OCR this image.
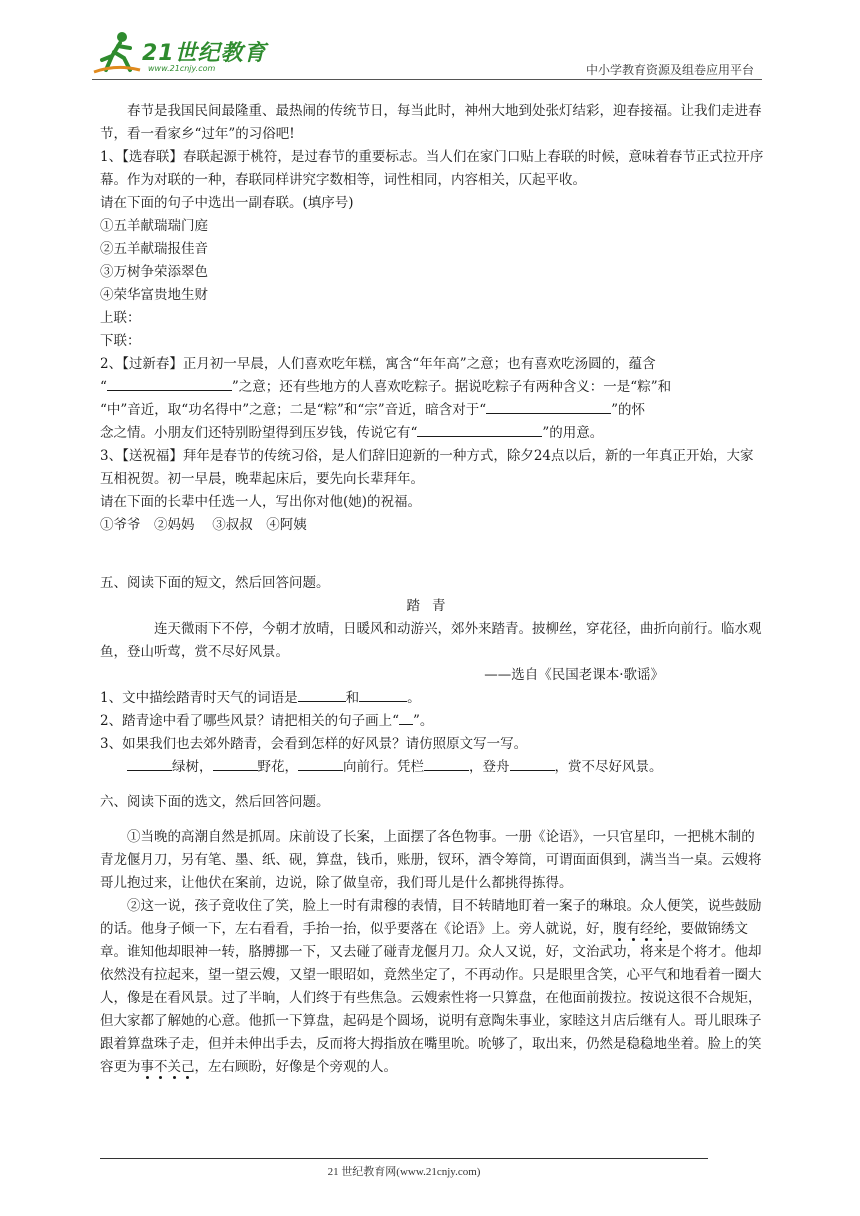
21世纪教育
www.21cnjy.com	中小学教育资源及组卷应用平台

春节是我国民间最隆重、最热闹的传统节日，每当此时，神州大地到处张灯结彩，迎春接福。让我们走进春节，看一看家乡“过年”的习俗吧!

1、【选春联】春联起源于桃符，是过春节的重要标志。当人们在家门口贴上春联的时候，意味着春节正式拉开序幕。作为对联的一种，春联同样讲究字数相等，词性相同，内容相关，仄起平收。

请在下面的句子中选出一副春联。(填序号)

①五羊献瑞瑞门庭

②五羊献瑞报佳音

③万树争荣添翠色

④荣华富贵地生财

上联：

下联：

2、【过新春】正月初一早晨，人们喜欢吃年糕，寓含“年年高”之意；也有喜欢吃汤圆的，蕴含

“	”之意；还有些地方的人喜欢吃粽子。据说吃粽子有两种含义：一是“粽”和

“中”音近，取“功名得中”之意；二是“粽”和“宗”音近，暗含对于“	”的怀

念之情。小朋友们还特别盼望得到压岁钱，传说它有“	”的用意。

3、【送祝福】拜年是春节的传统习俗，是人们辞旧迎新的一种方式，除夕24点以后，新的一年真正开始，大家互相祝贺。初一早晨，晚辈起床后，要先向长辈拜年。

请在下面的长辈中任选一人，写出你对他(她)的祝福。

①爷爷　②妈妈　 ③叔叔　④阿姨

五、阅读下面的短文，然后回答问题。

踏青

连天微雨下不停，今朝才放晴，日暖风和动游兴，郊外来踏青。披柳丝，穿花径，曲折向前行。临水观鱼，登山听莺，赏不尽好风景。

——选自《民国老课本·歌谣》

1、文中描绘踏青时天气的词语是	和	。

2、踏青途中看了哪些风景？请把相关的句子画上“ ”。

3、如果我们也去郊外踏青，会看到怎样的好风景？请仿照原文写一写。

绿树，	野花，	向前行。凭栏	，登舟	，赏不尽好风景。

六、阅读下面的选文，然后回答问题。

①当晚的高潮自然是抓周。床前设了长案，上面摆了各色物事。一册《论语》，一只官星印，一把桃木制的青龙偃月刀，另有笔、墨、纸、砚，算盘，钱币，账册，钗环，酒令筹筒，可谓面面俱到，满当当一桌。云嫂将哥儿抱过来，让他伏在案前，边说，除了做皇帝，我们哥儿是什么都挑得拣得。

②这一说，孩子竟收住了笑，脸上一时有肃穆的表情，目不转睛地盯着一案子的琳琅。众人便笑，说些鼓励的话。他身子倾一下，左右看看，手抬一抬，似乎要落在《论语》上。旁人就说，好，腹有经纶，要做锦绣文章。谁知他却眼神一转，胳膊挪一下，又去碰了碰青龙偃月刀。众人又说，好，文治武功，将来是个将才。他却依然没有拉起来，望一望云嫂，又望一眼昭如，竟然坐定了，不再动作。只是眼里含笑，心平气和地看着一圈大人，像是在看风景。过了半晌，人们终于有些焦急。云嫂索性将一只算盘，在他面前拨拉。按说这很不合规矩，但大家都了解她的心意。他抓一下算盘，起码是个圆场，说明有意陶朱事业，家睦这爿店后继有人。哥儿眼珠子跟着算盘珠子走，但并未伸出手去，反而将大拇指放在嘴里吮。吮够了，取出来，仍然是稳稳地坐着。脸上的笑容更为事不关己，左右顾盼，好像是个旁观的人。

21 世纪教育网(www.21cnjy.com)
